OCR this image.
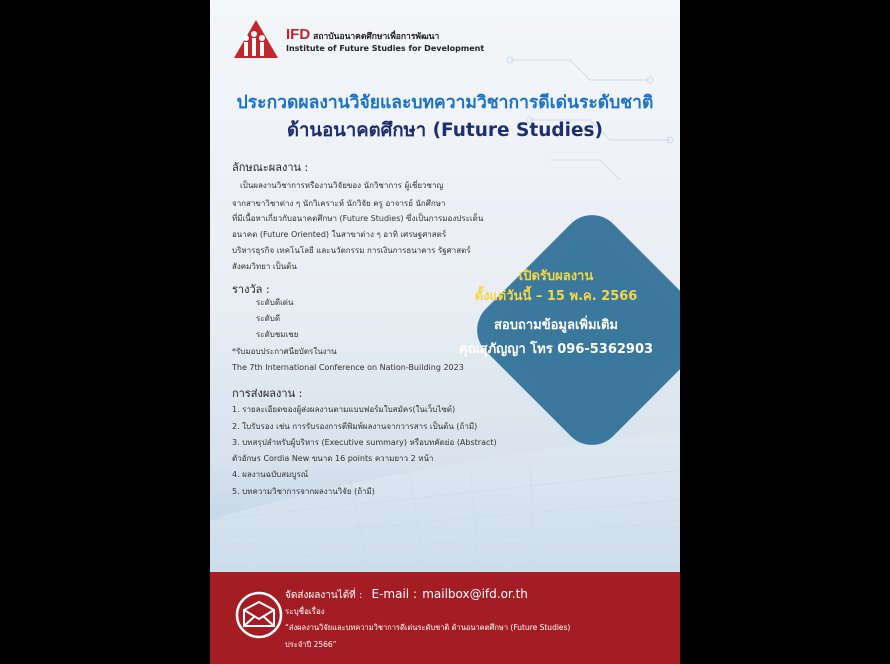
IFD สถาบันอนาคตศึกษาเพื่อการพัฒนา
Institute of Future Studies for Development
ประกวดผลงานวิจัยและบทความวิชาการดีเด่นระดับชาติ
ด้านอนาคตศึกษา (Future Studies)
ลักษณะผลงาน :
เป็นผลงานวิชาการหรืองานวิจัยของ นักวิชาการ ผู้เชี่ยวชาญ
จากสาขาวิชาต่าง ๆ นักวิเคราะห์ นักวิจัย ครู อาจารย์ นักศึกษา
ที่มีเนื้อหาเกี่ยวกับอนาคตศึกษา (Future Studies) ซึ่งเป็นการมองประเด็น
อนาคต (Future Oriented) ในสาขาต่าง ๆ อาทิ เศรษฐศาสตร์
บริหารธุรกิจ เทคโนโลยี และนวัตกรรม การเงินการธนาคาร รัฐศาสตร์
สังคมวิทยา เป็นต้น
รางวัล :
ระดับดีเด่น
ระดับดี
ระดับชมเชย
*รับมอบประกาศนียบัตรในงาน
The 7th International Conference on Nation-Building 2023
การส่งผลงาน :
1. รายละเอียดของผู้ส่งผลงานตามแบบฟอร์มใบสมัคร(ในเว็บไซต์)
2. ใบรับรอง เช่น การรับรองการตีพิมพ์ผลงานจากวารสาร เป็นต้น (ถ้ามี)
3. บทสรุปสำหรับผู้บริหาร (Executive summary) หรือบทคัดย่อ (Abstract)
ตัวอักษร Cordia New ขนาด 16 points ความยาว 2 หน้า
4. ผลงานฉบับสมบูรณ์
5. บทความวิชาการจากผลงานวิจัย (ถ้ามี)
เปิดรับผลงาน
ตั้งแต่วันนี้ – 15 พ.ค. 2566
สอบถามข้อมูลเพิ่มเติม
คุณสุภัญญา โทร 096-5362903
จัดส่งผลงานได้ที่ : E-mail : mailbox@ifd.or.th
ระบุชื่อเรื่อง
“ส่งผลงานวิจัยและบทความวิชาการดีเด่นระดับชาติ ด้านอนาคตศึกษา (Future Studies)
ประจำปี 2566”
